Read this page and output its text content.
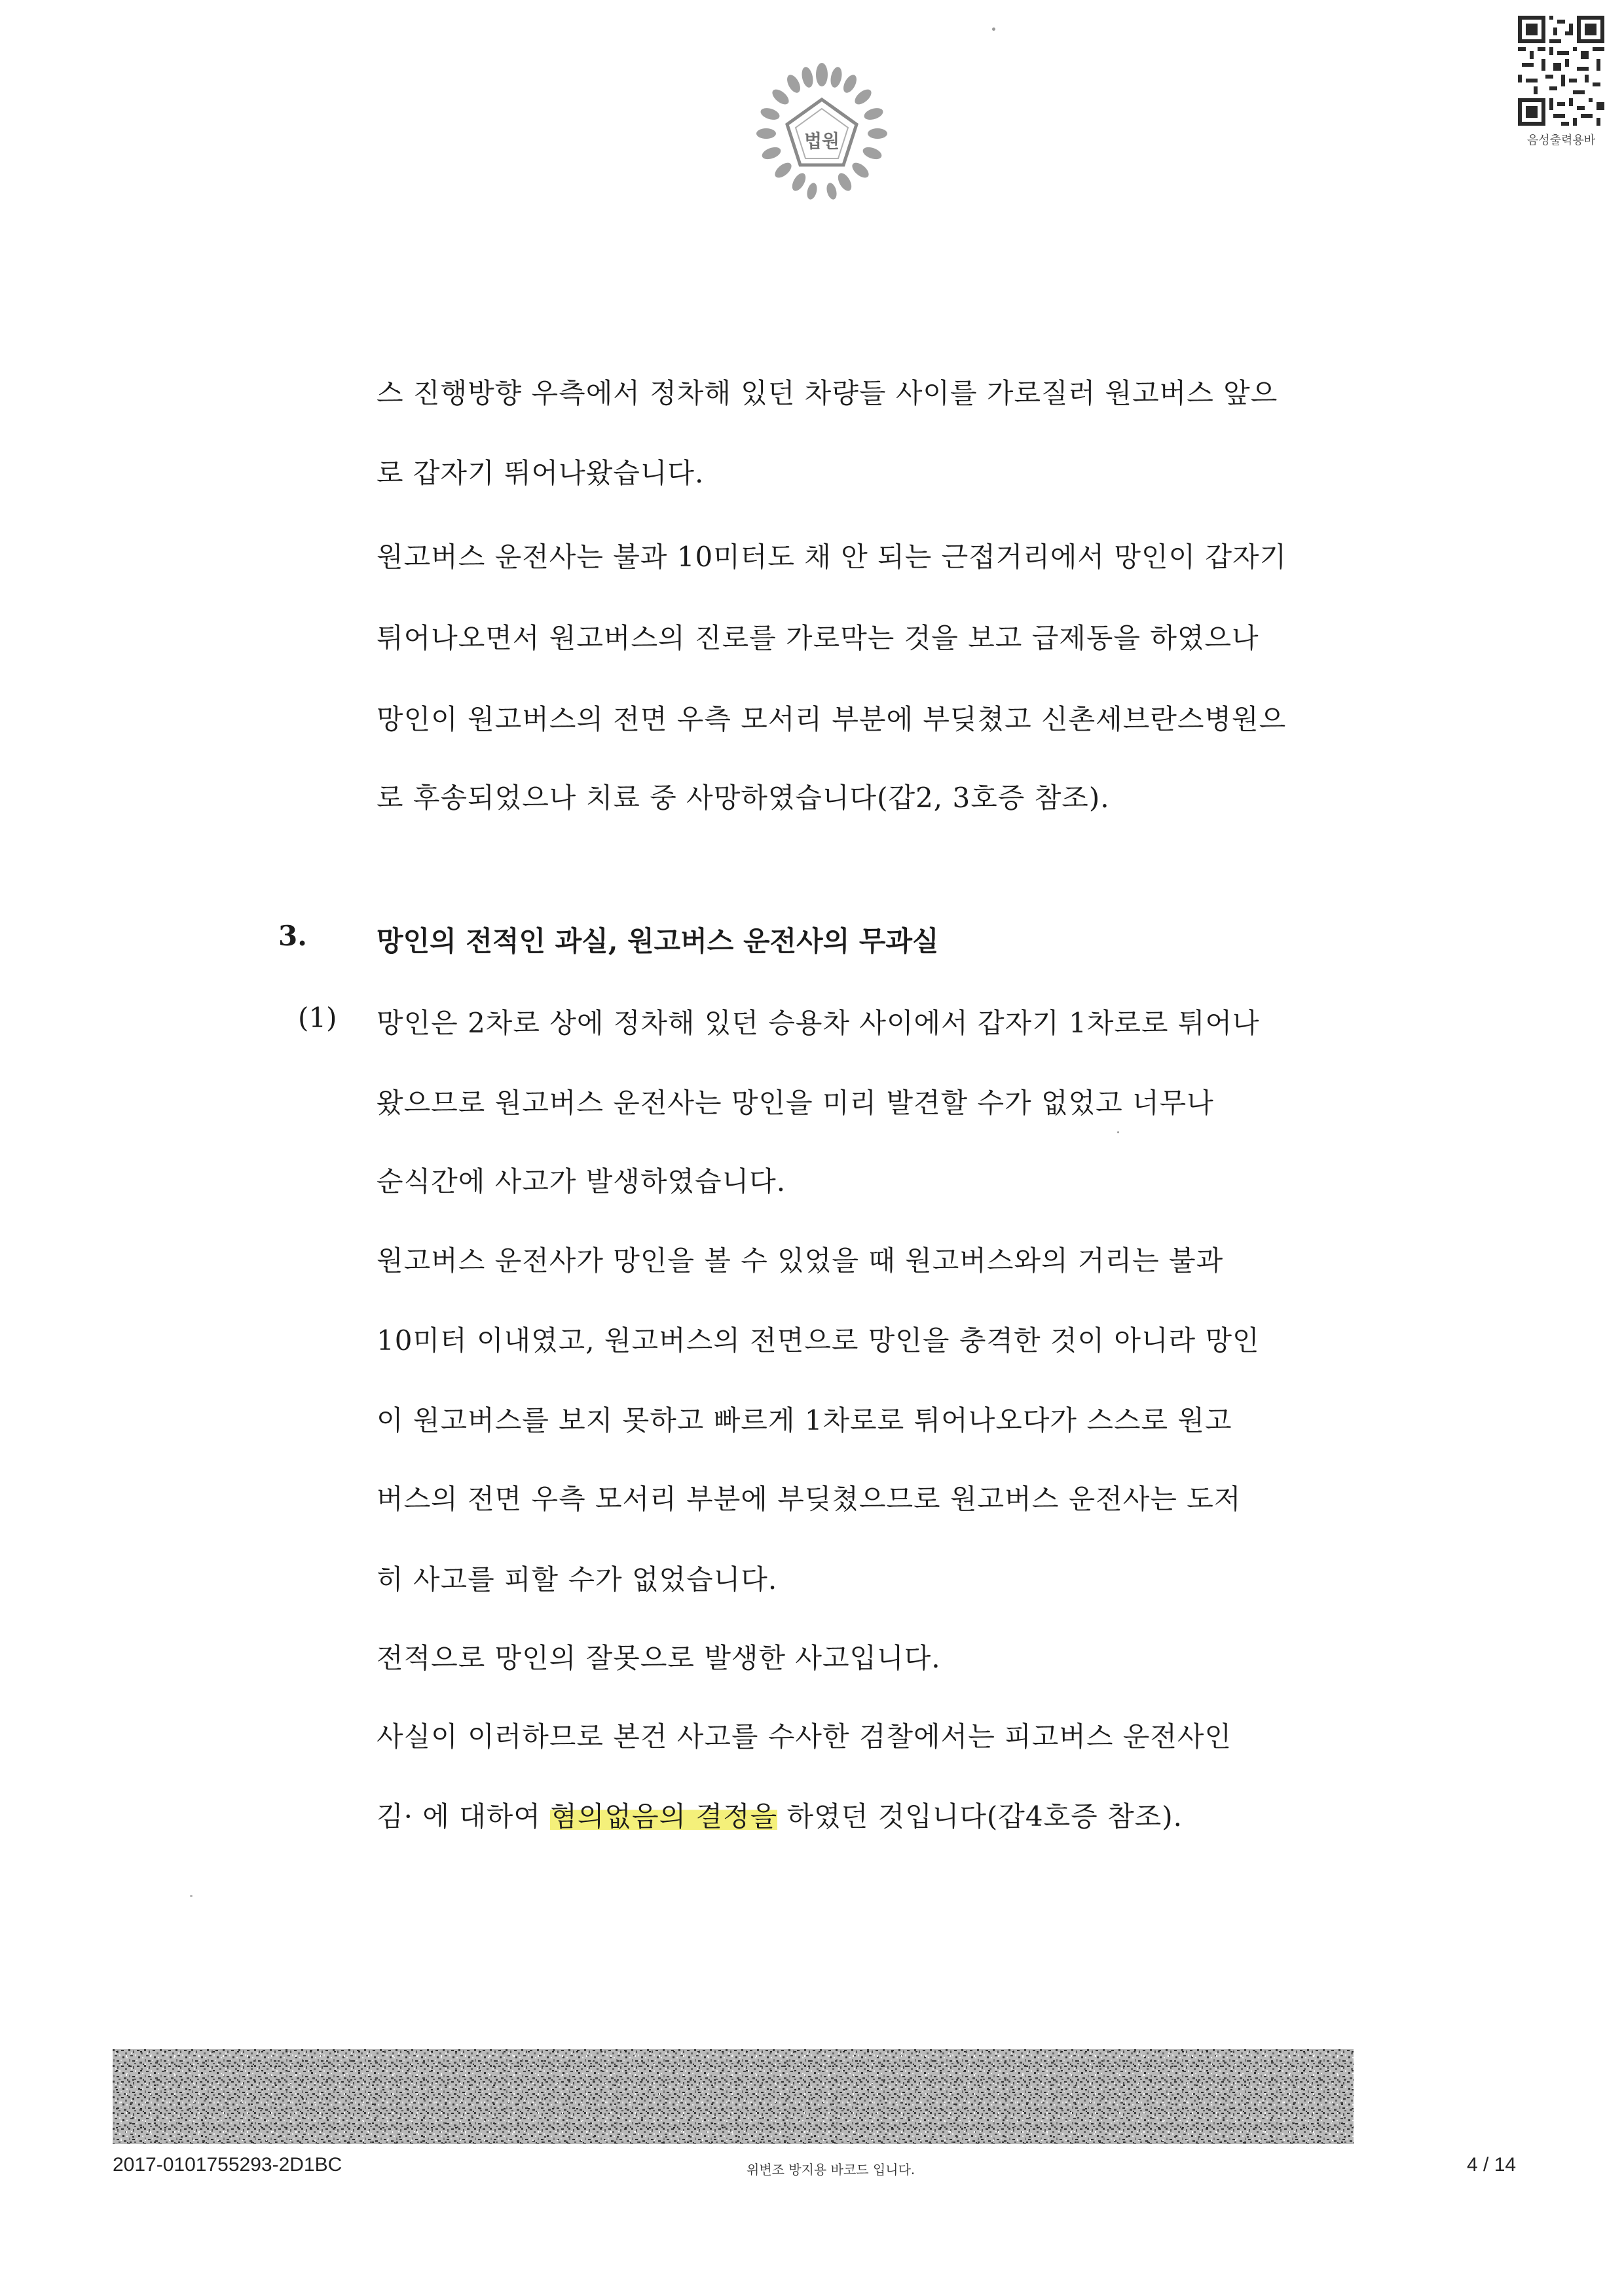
법원	음성출력용바
스 진행방향 우측에서 정차해 있던 차량들 사이를 가로질러 원고버스 앞으
로 갑자기 뛰어나왔습니다.
원고버스 운전사는 불과 10미터도 채 안 되는 근접거리에서 망인이 갑자기
튀어나오면서 원고버스의 진로를 가로막는 것을 보고 급제동을 하였으나
망인이 원고버스의 전면 우측 모서리 부분에 부딪쳤고 신촌세브란스병원으
로 후송되었으나 치료 중 사망하였습니다(갑2, 3호증 참조).
3.	망인의 전적인 과실, 원고버스 운전사의 무과실
(1) 망인은 2차로 상에 정차해 있던 승용차 사이에서 갑자기 1차로로 튀어나
왔으므로 원고버스 운전사는 망인을 미리 발견할 수가 없었고 너무나
순식간에 사고가 발생하였습니다.
원고버스 운전사가 망인을 볼 수 있었을 때 원고버스와의 거리는 불과
10미터 이내였고, 원고버스의 전면으로 망인을 충격한 것이 아니라 망인
이 원고버스를 보지 못하고 빠르게 1차로로 튀어나오다가 스스로 원고
버스의 전면 우측 모서리 부분에 부딪쳤으므로 원고버스 운전사는 도저
히 사고를 피할 수가 없었습니다.
전적으로 망인의 잘못으로 발생한 사고입니다.
사실이 이러하므로 본건 사고를 수사한 검찰에서는 피고버스 운전사인
김· 에 대하여 혐의없음의 결정을 하였던 것입니다(갑4호증 참조).
2017-0101755293-2D1BC	위변조 방지용 바코드 입니다.	4 / 14
